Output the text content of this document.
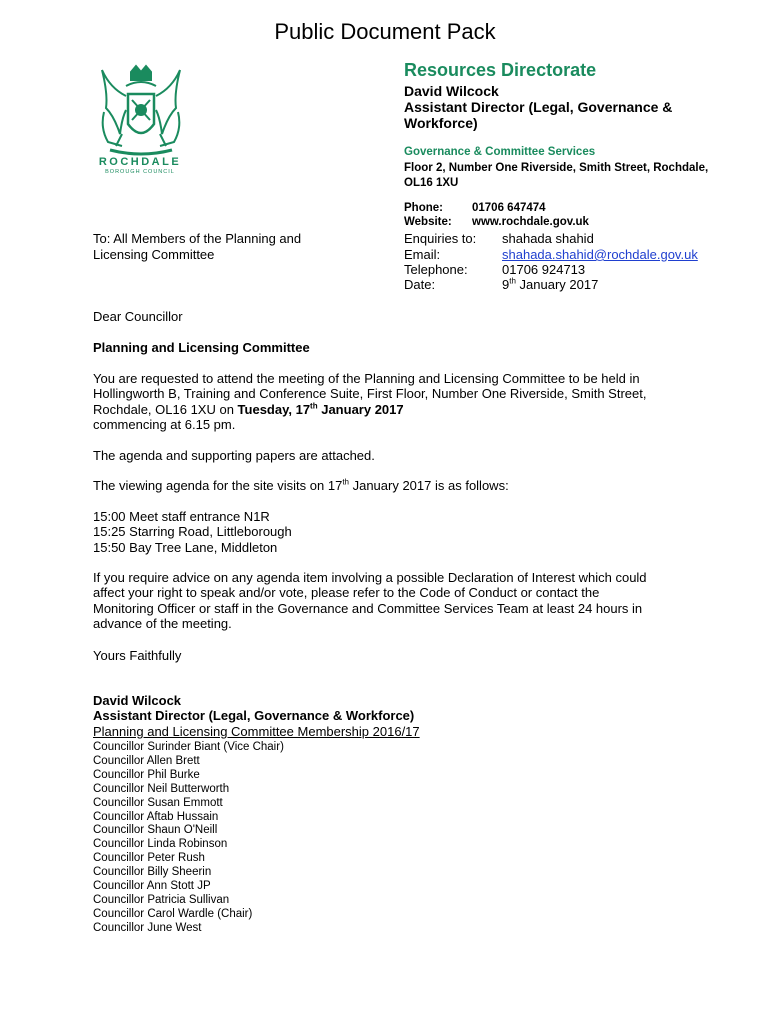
Public Document Pack
ROCHDALE
BOROUGH COUNCIL
Resources Directorate
David Wilcock
Assistant Director (Legal, Governance & Workforce)
Governance & Committee Services
Floor 2, Number One Riverside, Smith Street, Rochdale, OL16 1XU
Phone:	01706 647474
Website: www.rochdale.gov.uk
To: All Members of the Planning and Licensing Committee
Enquiries to: shahada shahid
Email:	shahada.shahid@rochdale.gov.uk
Telephone:	01706 924713
Date:	9th January 2017
Dear Councillor
Planning and Licensing Committee
You are requested to attend the meeting of the Planning and Licensing Committee to be held in Hollingworth B, Training and Conference Suite, First Floor, Number One Riverside, Smith Street, Rochdale, OL16 1XU on Tuesday, 17th January 2017
commencing at 6.15 pm.
The agenda and supporting papers are attached.
The viewing agenda for the site visits on 17th January 2017 is as follows:
15:00 Meet staff entrance N1R
15:25 Starring Road, Littleborough
15:50 Bay Tree Lane, Middleton
If you require advice on any agenda item involving a possible Declaration of Interest which could affect your right to speak and/or vote, please refer to the Code of Conduct or contact the Monitoring Officer or staff in the Governance and Committee Services Team at least 24 hours in advance of the meeting.
Yours Faithfully
David Wilcock
Assistant Director (Legal, Governance & Workforce)
Planning and Licensing Committee Membership 2016/17
Councillor Surinder Biant (Vice Chair)
Councillor Allen Brett
Councillor Phil Burke
Councillor Neil Butterworth
Councillor Susan Emmott
Councillor Aftab Hussain
Councillor Shaun O'Neill
Councillor Linda Robinson
Councillor Peter Rush
Councillor Billy Sheerin
Councillor Ann Stott JP
Councillor Patricia Sullivan
Councillor Carol Wardle (Chair)
Councillor June West
